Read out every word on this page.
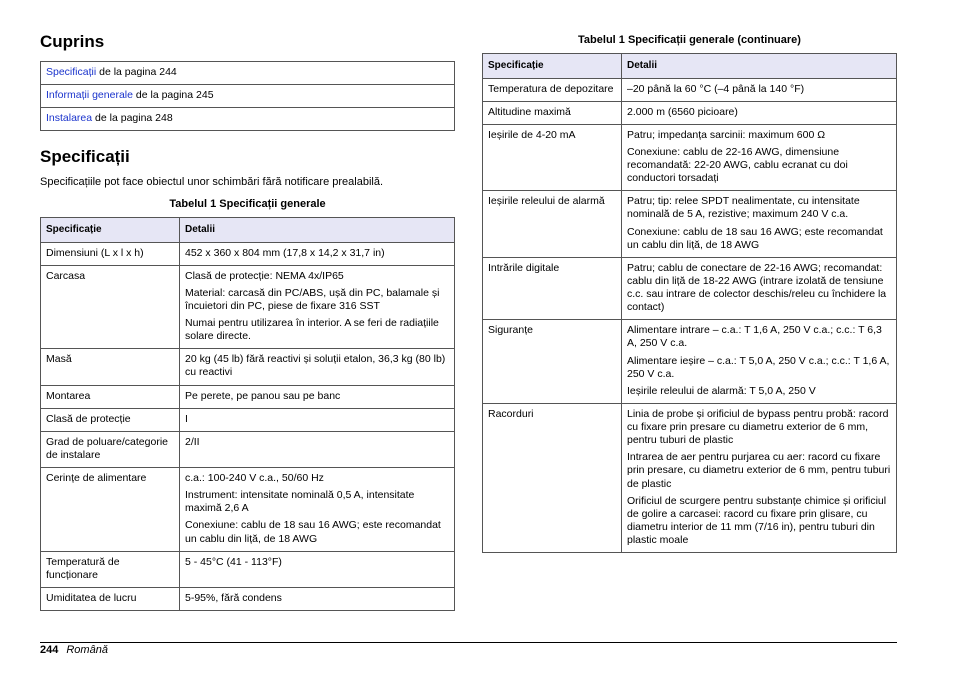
Cuprins
Specificații de la pagina 244
Informații generale de la pagina 245
Instalarea de la pagina 248
Specificații
Specificațiile pot face obiectul unor schimbări fără notificare prealabilă.
Tabelul 1 Specificații generale
Specificație	Detalii
Dimensiuni (L x l x h)	452 x 360 x 804 mm (17,8 x 14,2 x 31,7 in)

Carcasa	Clasă de protecție: NEMA 4x/IP65

Material: carcasă din PC/ABS, ușă din PC, balamale și încuietori din PC, piese de fixare 316 SST

Numai pentru utilizarea în interior. A se feri de radiațiile solare directe.

Masă	20 kg (45 lb) fără reactivi și soluții etalon, 36,3 kg (80 lb) cu reactivi

Montarea	Pe perete, pe panou sau pe banc

Clasă de protecție	I

Grad de poluare/categorie de instalare	2/II

Cerințe de alimentare	c.a.: 100-240 V c.a., 50/60 Hz

Instrument: intensitate nominală 0,5 A, intensitate maximă 2,6 A

Conexiune: cablu de 18 sau 16 AWG; este recomandat un cablu din liță, de 18 AWG

Temperatură de funcționare	5 - 45°C (41 - 113°F)

Umiditatea de lucru	5-95%, fără condens

Tabelul 1 Specificații generale (continuare)
Specificație	Detalii
Temperatura de depozitare	–20 până la 60 °C (–4 până la 140 °F)

Altitudine maximă	2.000 m (6560 picioare)

Ieșirile de 4-20 mA	Patru; impedanța sarcinii: maximum 600 Ω

Conexiune: cablu de 22-16 AWG, dimensiune recomandată: 22-20 AWG, cablu ecranat cu doi conductori torsadați

Ieșirile releului de alarmă	Patru; tip: relee SPDT nealimentate, cu intensitate nominală de 5 A, rezistive; maximum 240 V c.a.

Conexiune: cablu de 18 sau 16 AWG; este recomandat un cablu din liță, de 18 AWG

Intrările digitale	Patru; cablu de conectare de 22-16 AWG; recomandat: cablu din liță de 18-22 AWG (intrare izolată de tensiune c.c. sau intrare de colector deschis/releu cu închidere la contact)

Siguranțe	Alimentare intrare – c.a.: T 1,6 A, 250 V c.a.; c.c.: T 6,3 A, 250 V c.a.

Alimentare ieșire – c.a.: T 5,0 A, 250 V c.a.; c.c.: T 1,6 A, 250 V c.a.

Ieșirile releului de alarmă: T 5,0 A, 250 V

Racorduri	Linia de probe și orificiul de bypass pentru probă: racord cu fixare prin presare cu diametru exterior de 6 mm, pentru tuburi de plastic

Intrarea de aer pentru purjarea cu aer: racord cu fixare prin presare, cu diametru exterior de 6 mm, pentru tuburi de plastic

Orificiul de scurgere pentru substanțe chimice și orificiul de golire a carcasei: racord cu fixare prin glisare, cu diametru interior de 11 mm (7/16 in), pentru tuburi din plastic moale

244 Română
